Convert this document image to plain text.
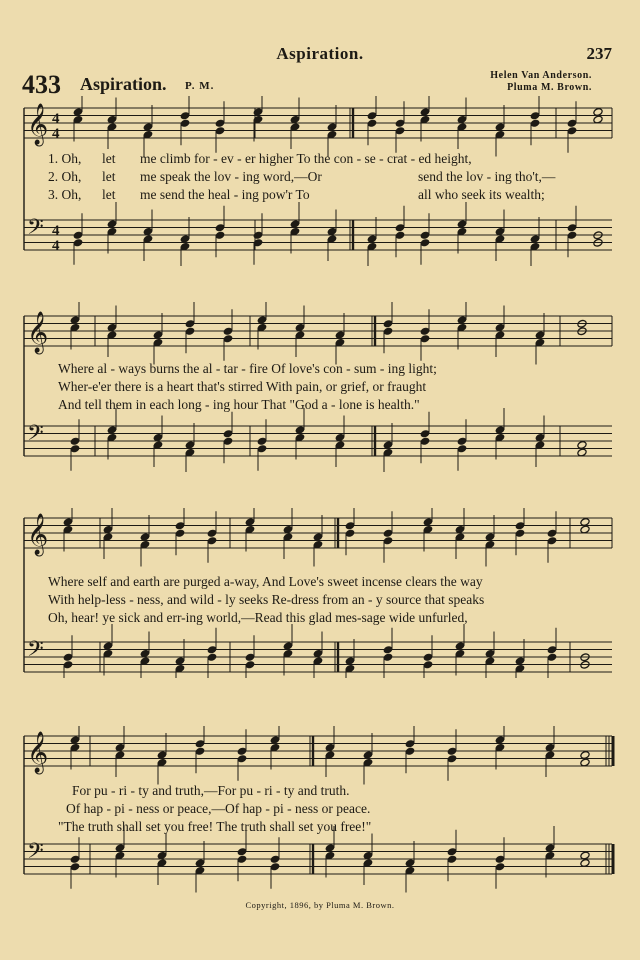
Aspiration.	237
433 Aspiration. P. M.
Helen Van Anderson.
Pluma M. Brown.
𝄞 4
4
𝄢 4
4
1. Oh, let me climb for - ev - er higher To the con - se - crat - ed height,
2. Oh, let me speak the lov - ing word,—Or	send the lov - ing tho't,—
3. Oh, let me send the heal - ing pow'r To	all who seek its wealth;
𝄞
𝄢
Where al - ways burns the al - tar - fire Of love's con - sum - ing light;
Wher-e'er there is a heart that's stirred With pain, or grief, or fraught
And tell them in each long - ing hour That "God a - lone is health."
𝄞
𝄢
Where self and earth are purged a-way, And Love's sweet incense clears the way
With help-less - ness, and wild - ly seeks Re-dress from an - y source that speaks
Oh, hear! ye sick and err-ing world,—Read this glad mes-sage wide unfurled,
𝄞
𝄢
For pu - ri - ty and truth,—For pu - ri - ty and truth.
Of hap - pi - ness or peace,—Of hap - pi - ness or peace.
"The truth shall set you free! The truth shall set you free!"
Copyright, 1896, by Pluma M. Brown.
